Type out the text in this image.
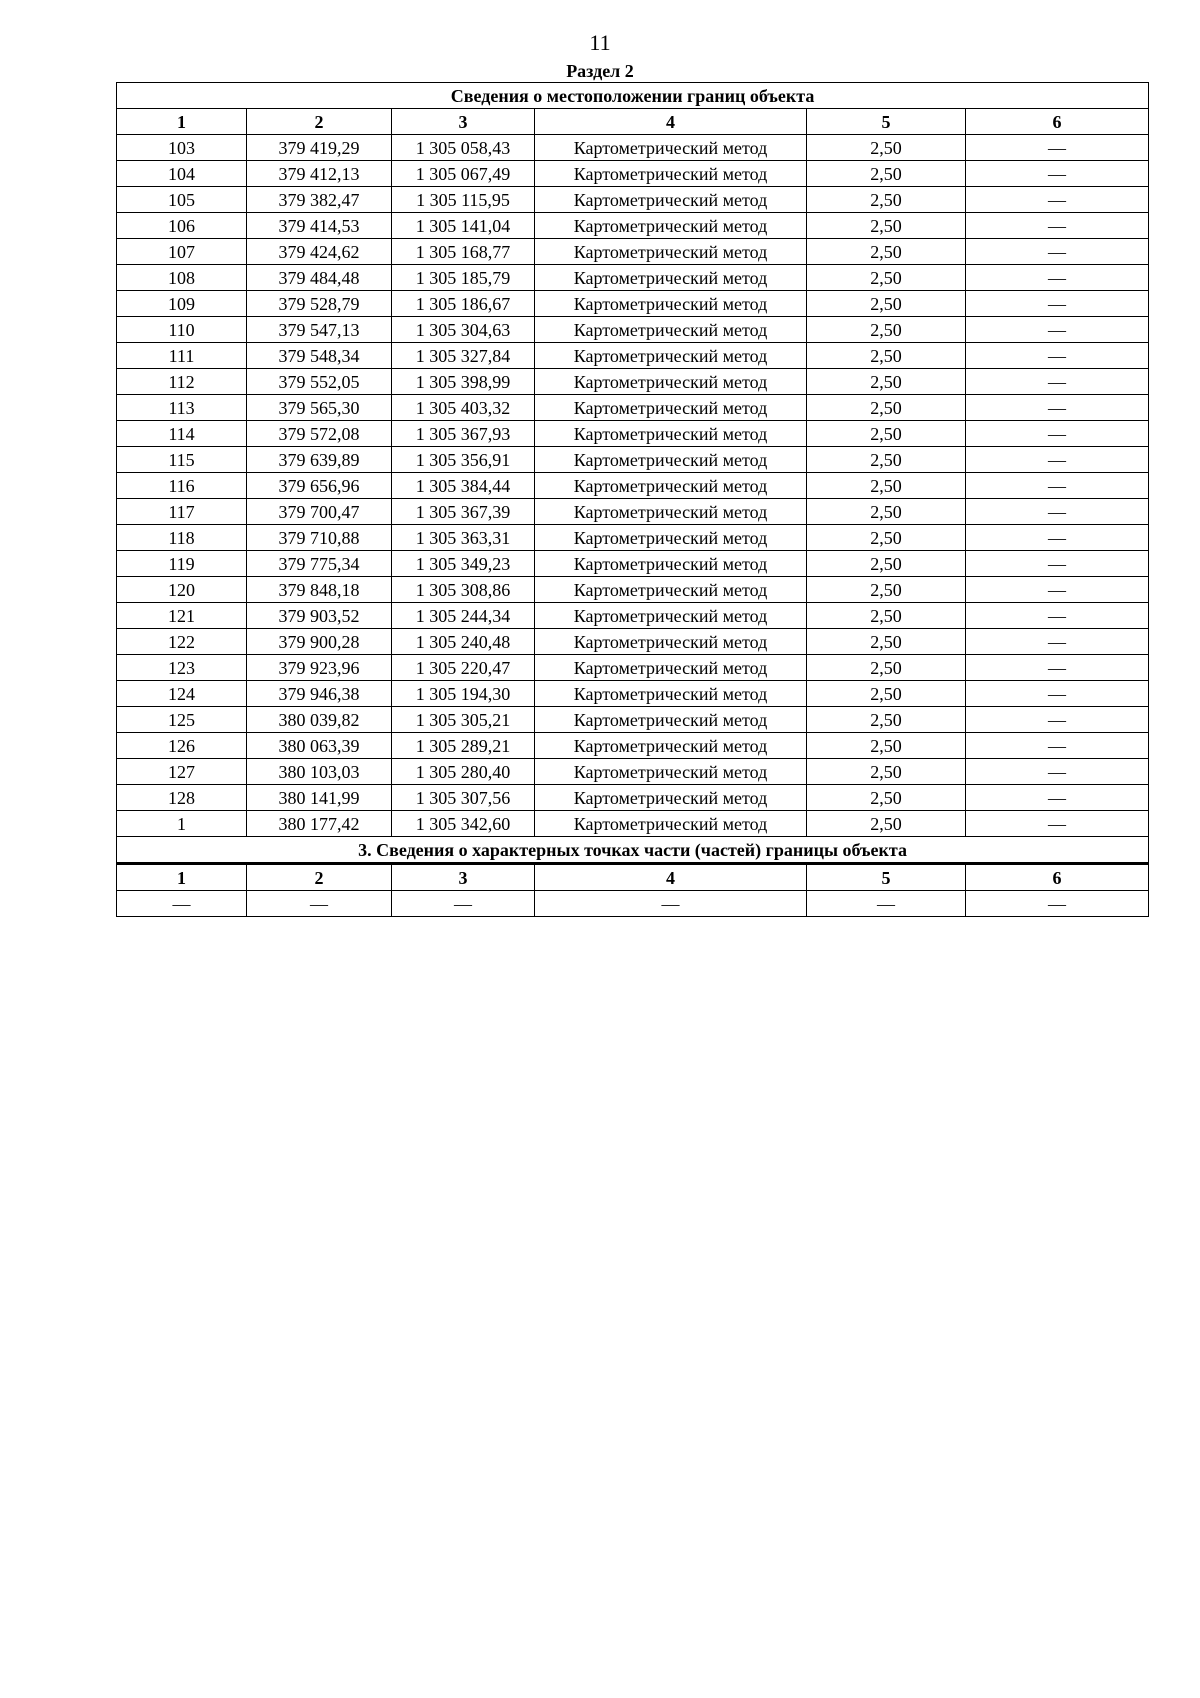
11
Раздел 2
Сведения о местоположении границ объекта					
1	2	3	4	5	6
103	379 419,29	1 305 058,43	Картометрический метод	2,50	—
104	379 412,13	1 305 067,49	Картометрический метод	2,50	—
105	379 382,47	1 305 115,95	Картометрический метод	2,50	—
106	379 414,53	1 305 141,04	Картометрический метод	2,50	—
107	379 424,62	1 305 168,77	Картометрический метод	2,50	—
108	379 484,48	1 305 185,79	Картометрический метод	2,50	—
109	379 528,79	1 305 186,67	Картометрический метод	2,50	—
110	379 547,13	1 305 304,63	Картометрический метод	2,50	—
111	379 548,34	1 305 327,84	Картометрический метод	2,50	—
112	379 552,05	1 305 398,99	Картометрический метод	2,50	—
113	379 565,30	1 305 403,32	Картометрический метод	2,50	—
114	379 572,08	1 305 367,93	Картометрический метод	2,50	—
115	379 639,89	1 305 356,91	Картометрический метод	2,50	—
116	379 656,96	1 305 384,44	Картометрический метод	2,50	—
117	379 700,47	1 305 367,39	Картометрический метод	2,50	—
118	379 710,88	1 305 363,31	Картометрический метод	2,50	—
119	379 775,34	1 305 349,23	Картометрический метод	2,50	—
120	379 848,18	1 305 308,86	Картометрический метод	2,50	—
121	379 903,52	1 305 244,34	Картометрический метод	2,50	—
122	379 900,28	1 305 240,48	Картометрический метод	2,50	—
123	379 923,96	1 305 220,47	Картометрический метод	2,50	—
124	379 946,38	1 305 194,30	Картометрический метод	2,50	—
125	380 039,82	1 305 305,21	Картометрический метод	2,50	—
126	380 063,39	1 305 289,21	Картометрический метод	2,50	—
127	380 103,03	1 305 280,40	Картометрический метод	2,50	—
128	380 141,99	1 305 307,56	Картометрический метод	2,50	—
1	380 177,42	1 305 342,60	Картометрический метод	2,50	—
3. Сведения о характерных точках части (частей) границы объекта					
1	2	3	4	5	6
—	—	—	—	—	—
